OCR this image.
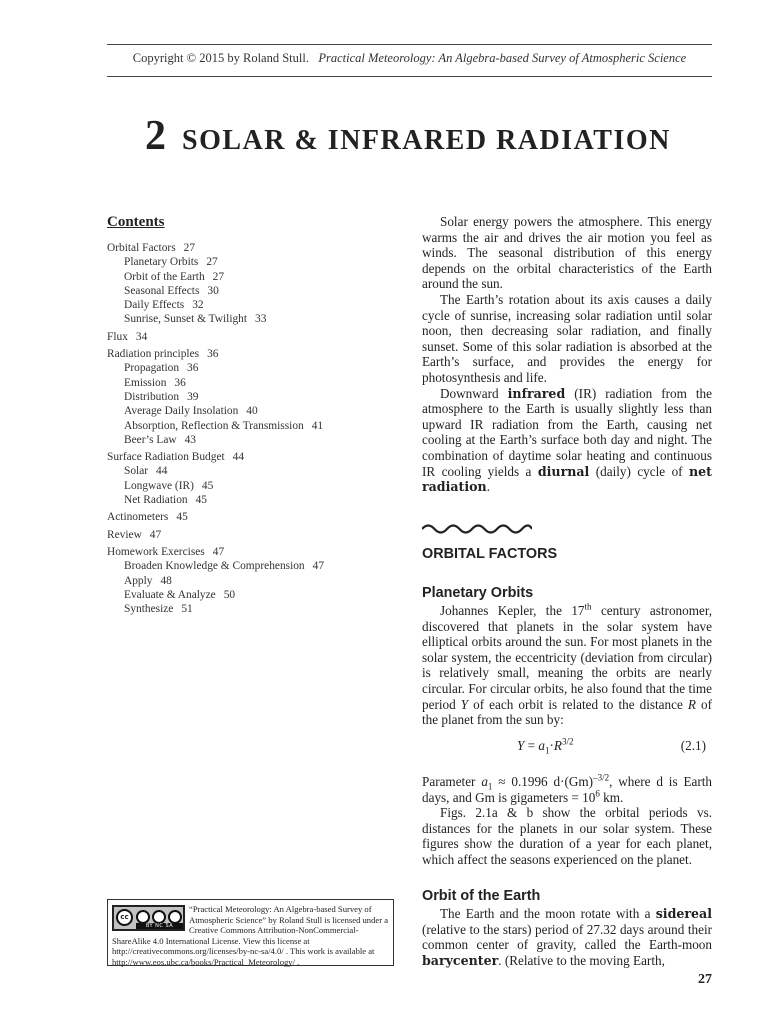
Copyright © 2015 by Roland Stull. Practical Meteorology: An Algebra-based Survey of Atmospheric Science
2 SOLAR & INFRARED RADIATION
Contents
Orbital Factors 27
Planetary Orbits 27
Orbit of the Earth 27
Seasonal Effects 30
Daily Effects 32
Sunrise, Sunset & Twilight 33
Flux 34
Radiation principles 36
Propagation 36
Emission 36
Distribution 39
Average Daily Insolation 40
Absorption, Reflection & Transmission 41
Beer’s Law 43
Surface Radiation Budget 44
Solar 44
Longwave (IR) 45
Net Radiation 45
Actinometers 45
Review 47
Homework Exercises 47
Broaden Knowledge & Comprehension 47
Apply 48
Evaluate & Analyze 50
Synthesize 51

Solar energy powers the atmosphere. This energy warms the air and drives the air motion you feel as winds. The seasonal distribution of this energy depends on the orbital characteristics of the Earth around the sun.

The Earth’s rotation about its axis causes a daily cycle of sunrise, increasing solar radiation until solar noon, then decreasing solar radiation, and finally sunset. Some of this solar radiation is absorbed at the Earth’s surface, and provides the energy for photosynthesis and life.

Downward infrared (IR) radiation from the atmosphere to the Earth is usually slightly less than upward IR radiation from the Earth, causing net cooling at the Earth’s surface both day and night. The combination of daytime solar heating and continuous IR cooling yields a diurnal (daily) cycle of net radiation.

ORBITAL FACTORS
Planetary Orbits

Johannes Kepler, the 17th century astronomer, discovered that planets in the solar system have elliptical orbits around the sun. For most planets in the solar system, the eccentricity (deviation from circular) is relatively small, meaning the orbits are nearly circular. For circular orbits, he also found that the time period Y of each orbit is related to the distance R of the planet from the sun by:

$Y = a_1\cdot R^{3/2}$	(2.1)

Parameter $a_1 \approx 0.1996$ $d\cdot(Gm)^{-3/2}$, where d is Earth days, and Gm is gigameters = $10^6$ km.

Figs. 2.1a & b show the orbital periods vs. distances for the planets in our solar system. These figures show the duration of a year for each planet, which affect the seasons experienced on the planet.

Orbit of the Earth

The Earth and the moon rotate with a sidereal (relative to the stars) period of 27.32 days around their common center of gravity, called the Earth-moon barycenter. (Relative to the moving Earth,

cc
BY NC SA
“Practical Meteorology: An Algebra-based Survey of Atmospheric Science” by Roland Stull is licensed under a Creative Commons Attribution-NonCommercial-ShareAlike 4.0 International License. View this license at http://creativecommons.org/licenses/by-nc-sa/4.0/ . This work is available at http://www.eos.ubc.ca/books/Practical_Meteorology/ .
27
